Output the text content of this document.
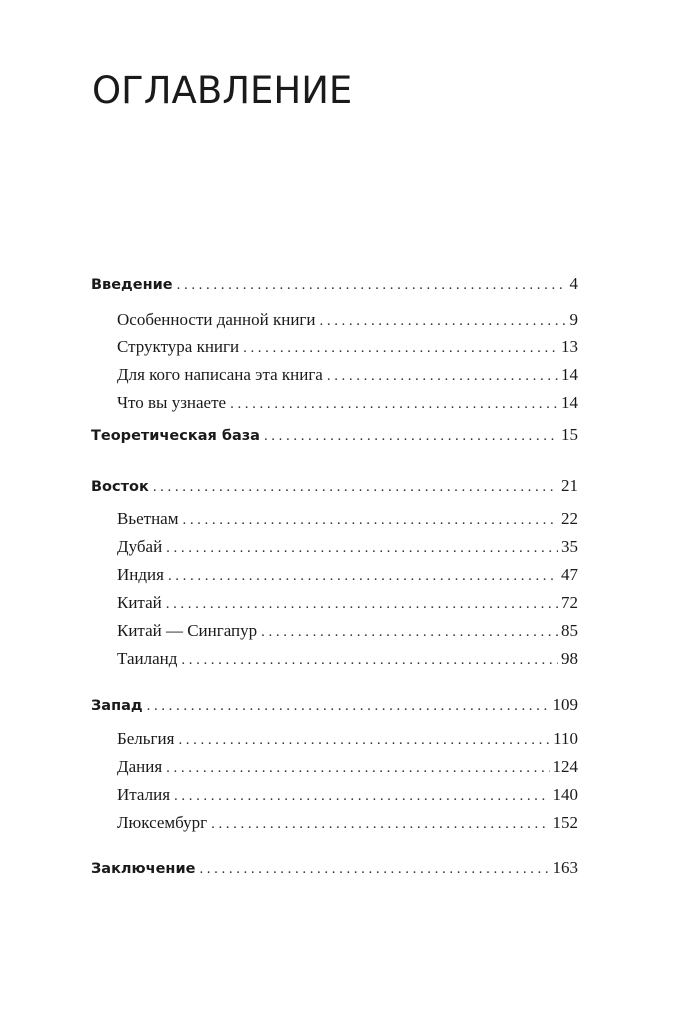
ОГЛАВЛЕНИЕ
Введение .....	4
Особенности данной книги .....	9
Структура книги .....	13
Для кого написана эта книга .....	14
Что вы узнаете .....	14
Теоретическая база .....	15
Восток .....	21
Вьетнам .....	22
Дубай .....	35
Индия .....	47
Китай .....	72
Китай — Сингапур .....	85
Таиланд .....	98
Запад .....	109
Бельгия .....	110
Дания .....	124
Италия .....	140
Люксембург .....	152
Заключение .....	163
